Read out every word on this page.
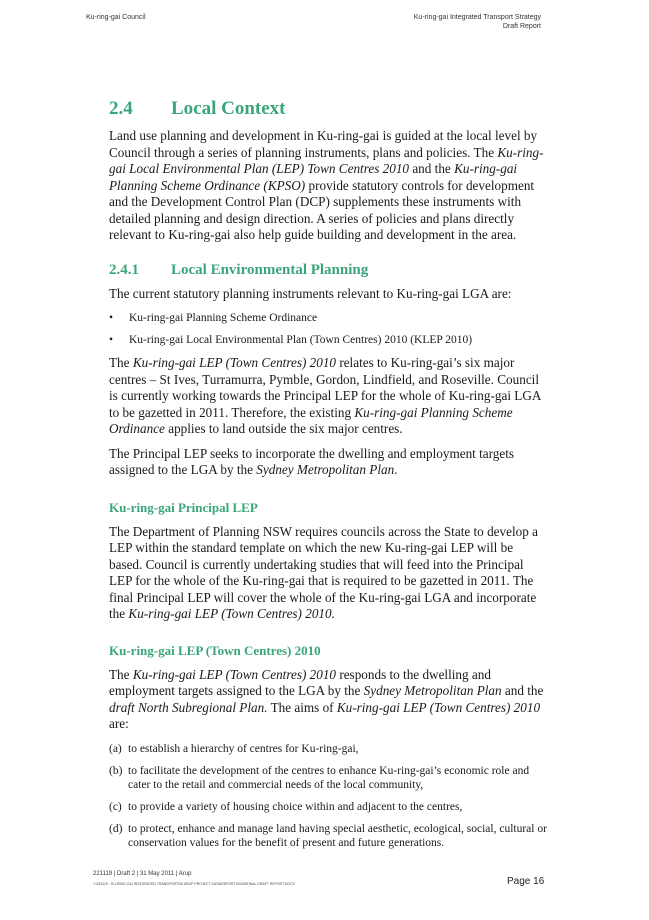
Ku-ring-gai Council	Ku-ring-gai Integrated Transport Strategy
Draft Report
2.4	Local Context

Land use planning and development in Ku-ring-gai is guided at the local level by Council through a series of planning instruments, plans and policies. The Ku-ring-gai Local Environmental Plan (LEP) Town Centres 2010 and the Ku-ring-gai Planning Scheme Ordinance (KPSO) provide statutory controls for development and the Development Control Plan (DCP) supplements these instruments with detailed planning and design direction. A series of policies and plans directly relevant to Ku-ring-gai also help guide building and development in the area.

2.4.1	Local Environmental Planning

The current statutory planning instruments relevant to Ku-ring-gai LGA are:

• Ku-ring-gai Planning Scheme Ordinance
• Ku-ring-gai Local Environmental Plan (Town Centres) 2010 (KLEP 2010)

The Ku-ring-gai LEP (Town Centres) 2010 relates to Ku-ring-gai’s six major centres – St Ives, Turramurra, Pymble, Gordon, Lindfield, and Roseville. Council is currently working towards the Principal LEP for the whole of Ku-ring-gai LGA to be gazetted in 2011. Therefore, the existing Ku-ring-gai Planning Scheme Ordinance applies to land outside the six major centres.

The Principal LEP seeks to incorporate the dwelling and employment targets assigned to the LGA by the Sydney Metropolitan Plan.

Ku-ring-gai Principal LEP

The Department of Planning NSW requires councils across the State to develop a LEP within the standard template on which the new Ku-ring-gai LEP will be based. Council is currently undertaking studies that will feed into the Principal LEP for the whole of the Ku-ring-gai that is required to be gazetted in 2011. The final Principal LEP will cover the whole of the Ku-ring-gai LGA and incorporate the Ku-ring-gai LEP (Town Centres) 2010.

Ku-ring-gai LEP (Town Centres) 2010

The Ku-ring-gai LEP (Town Centres) 2010 responds to the dwelling and employment targets assigned to the LGA by the Sydney Metropolitan Plan and the draft North Subregional Plan. The aims of Ku-ring-gai LEP (Town Centres) 2010 are:

(a) to establish a hierarchy of centres for Ku-ring-gai,
(b) to facilitate the development of the centres to enhance Ku-ring-gai’s economic role and cater to the retail and commercial needs of the local community,
(c) to provide a variety of housing choice within and adjacent to the centres,
(d) to protect, enhance and manage land having special aesthetic, ecological, social, cultural or conservation values for the benefit of present and future generations.
221119 | Draft 2 | 31 May 2011 | Arup
J:\221119 - KU-RING-GAI INTEGRATED TRANSPORT\05 ARUP PROJECT DATA\REPORTS\0006FINAL DRAFT REPORT.DOCX	Page 16
